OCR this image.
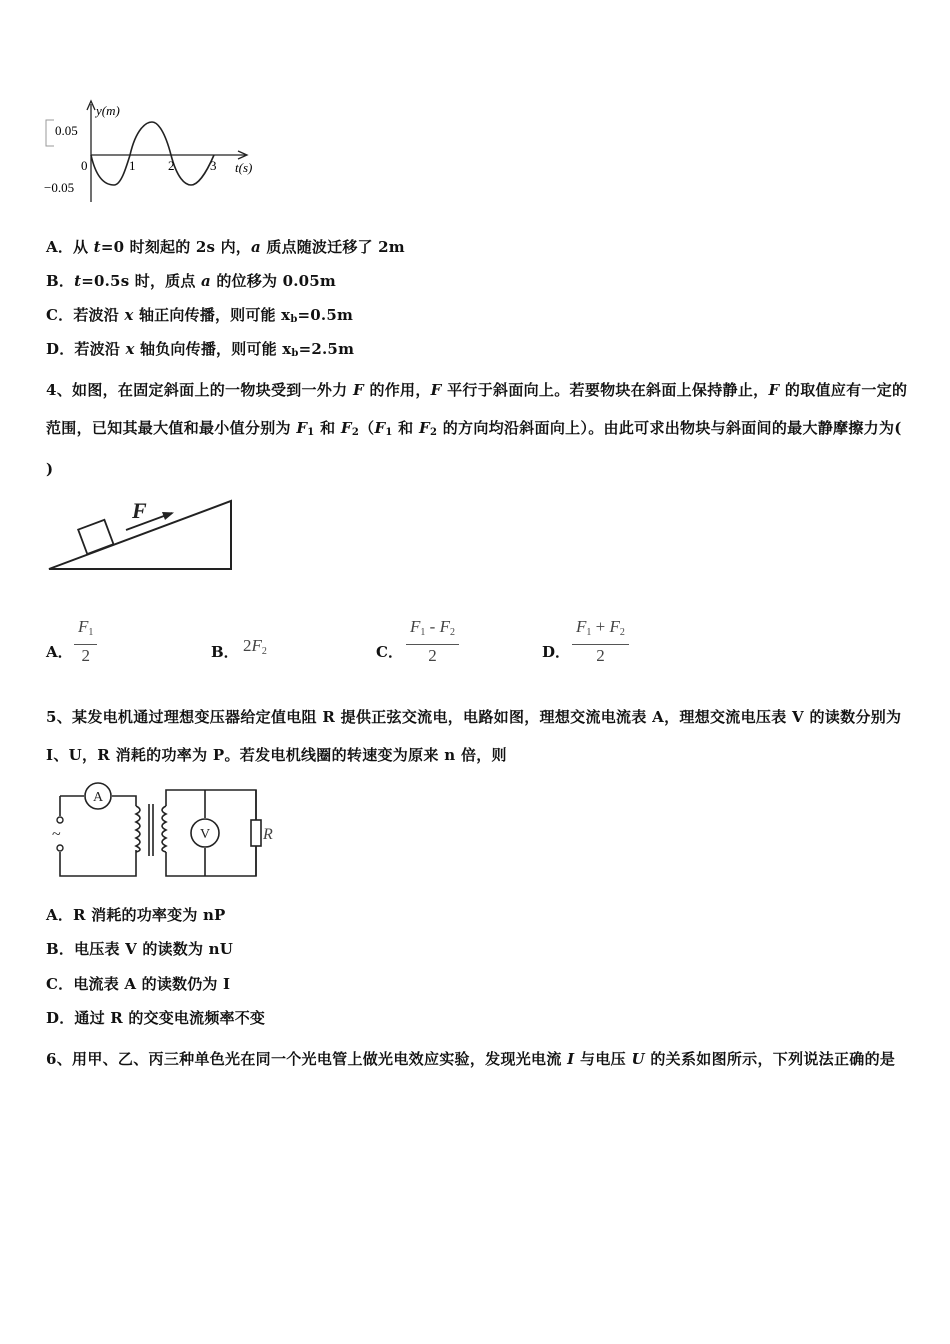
y(m)
0.05
−0.05
0	1	2	3 t(s)
A．从 t=0 时刻起的 2s 内，a 质点随波迁移了 2m
B．t=0.5s 时，质点 a 的位移为 0.05m
C．若波沿 x 轴正向传播，则可能 $x_b=0.5m$
D．若波沿 x 轴负向传播，则可能 $x_b=2.5m$
4、如图，在固定斜面上的一物块受到一外力 F 的作用，F 平行于斜面向上。若要物块在斜面上保持静止，F 的取值应有一定的范围，已知其最大值和最小值分别为 $F_1$ 和 $F_2(F_1$ 和 $F_2$ 的方向均沿斜面向上）。由此可求出物块与斜面间的最大静摩擦力为( )
F
A． $\frac{F1}{2}$	B． 2F2	C． $\frac{F1 - F2}{2}$	D． $\frac{F1 + F2}{2}$
5、某发电机通过理想变压器给定值电阻 R 提供正弦交流电，电路如图，理想交流电流表 A，理想交流电压表 V 的读数分别为 I、U，R 消耗的功率为 P。若发电机线圈的转速变为原来 n 倍，则
A
V	R
~
A．R 消耗的功率变为 nP
B．电压表 V 的读数为 nU
C．电流表 A 的读数仍为 I
D．通过 R 的交变电流频率不变
6、用甲、乙、丙三种单色光在同一个光电管上做光电效应实验，发现光电流 I 与电压 U 的关系如图所示，下列说法正确的是
